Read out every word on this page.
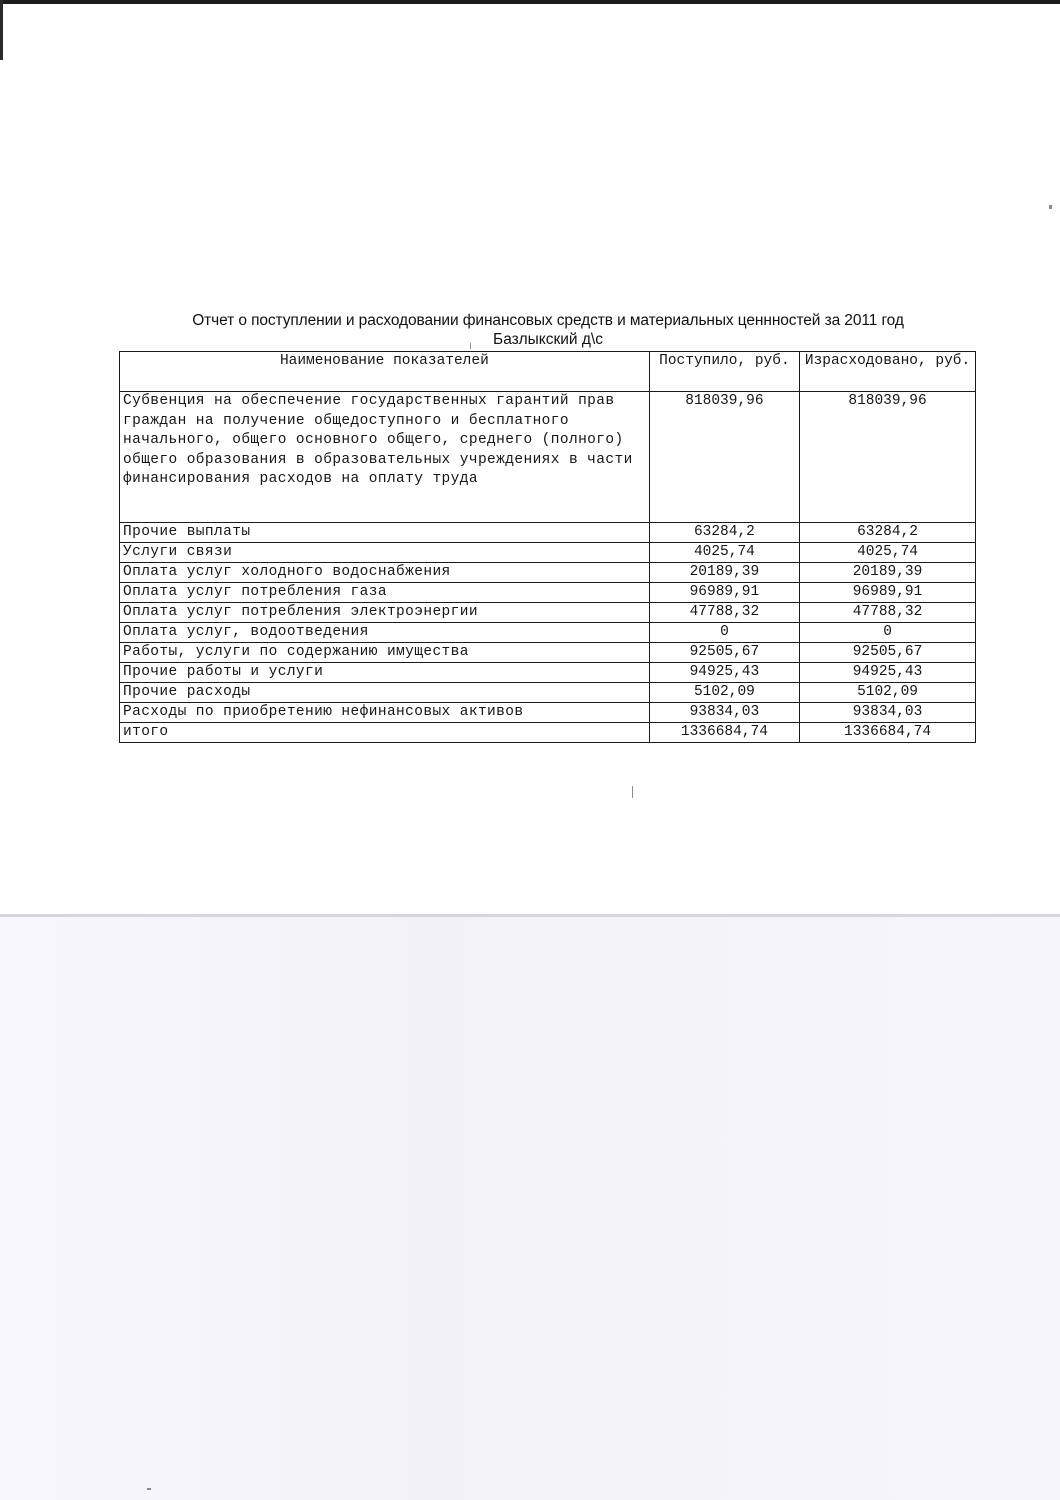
Отчет о поступлении и расходовании финансовых средств и материальных ценнностей за 2011 год
Базлыкский д\с
Наименование показателей	Поступило, руб.	Израсходовано, руб.
Субвенция на обеспечение государственных гарантий прав граждан на получение общедоступного и бесплатного начального, общего основного общего, среднего (полного) общего образования в образовательных учреждениях в части финансирования расходов на оплату труда	818039,96	818039,96
Прочие выплаты	63284,2	63284,2
Услуги связи	4025,74	4025,74
Оплата услуг холодного водоснабжения	20189,39	20189,39
Оплата услуг потребления газа	96989,91	96989,91
Оплата услуг потребления электроэнергии	47788,32	47788,32
Оплата услуг, водоотведения	0	0
Работы, услуги по содержанию имущества	92505,67	92505,67
Прочие работы и услуги	94925,43	94925,43
Прочие расходы	5102,09	5102,09
Расходы по приобретению нефинансовых активов	93834,03	93834,03
итого	1336684,74	1336684,74
